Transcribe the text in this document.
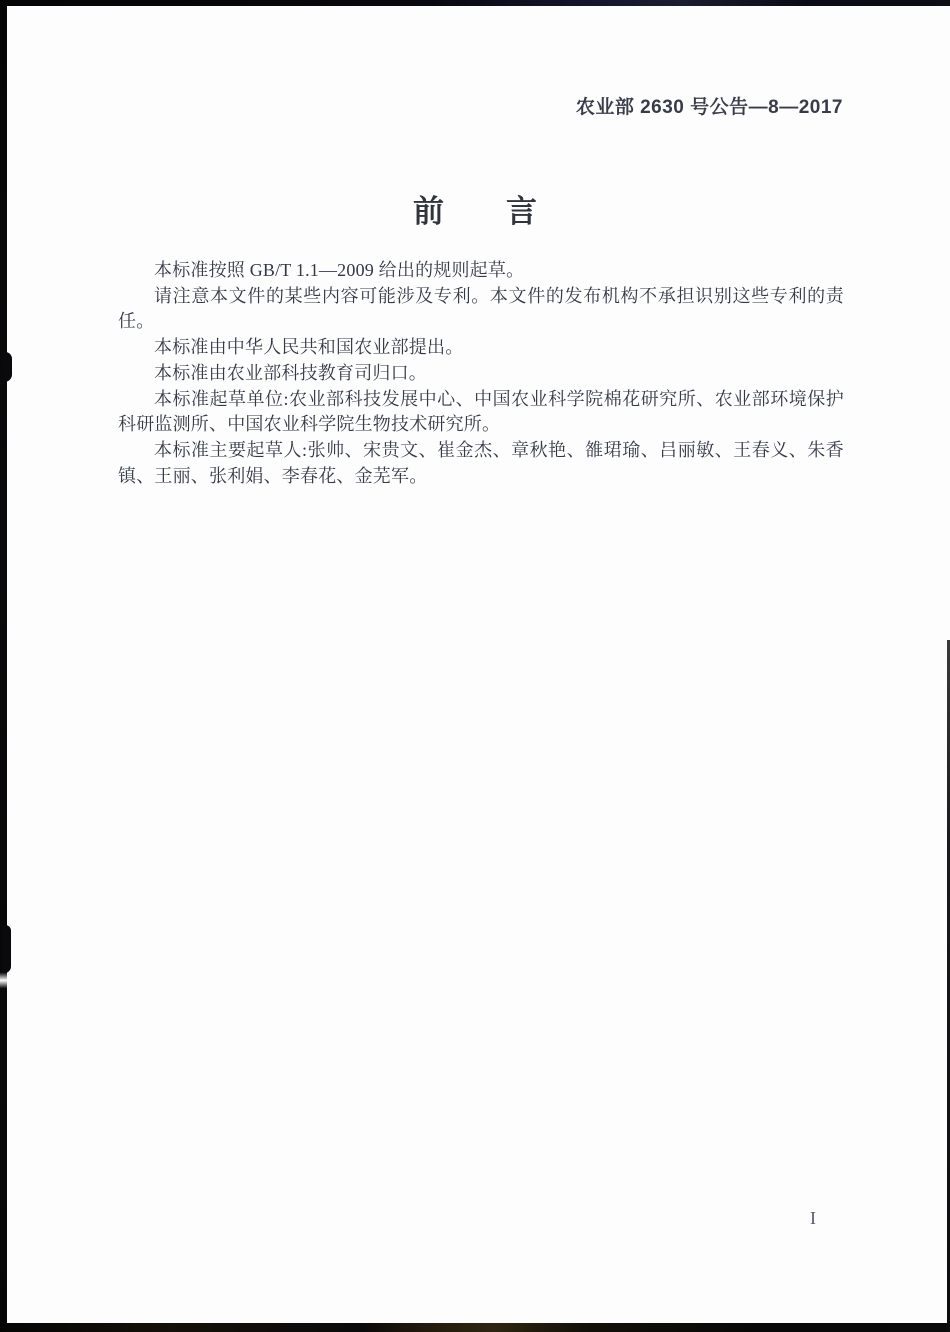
农业部 2630 号公告—8—2017
前　　言

本标准按照 GB/T 1.1—2009 给出的规则起草。

请注意本文件的某些内容可能涉及专利。本文件的发布机构不承担识别这些专利的责任。

本标准由中华人民共和国农业部提出。

本标准由农业部科技教育司归口。

本标准起草单位:农业部科技发展中心、中国农业科学院棉花研究所、农业部环境保护科研监测所、中国农业科学院生物技术研究所。

本标准主要起草人:张帅、宋贵文、崔金杰、章秋艳、雒珺瑜、吕丽敏、王春义、朱香镇、王丽、张利娟、李春花、金芜军。

I
